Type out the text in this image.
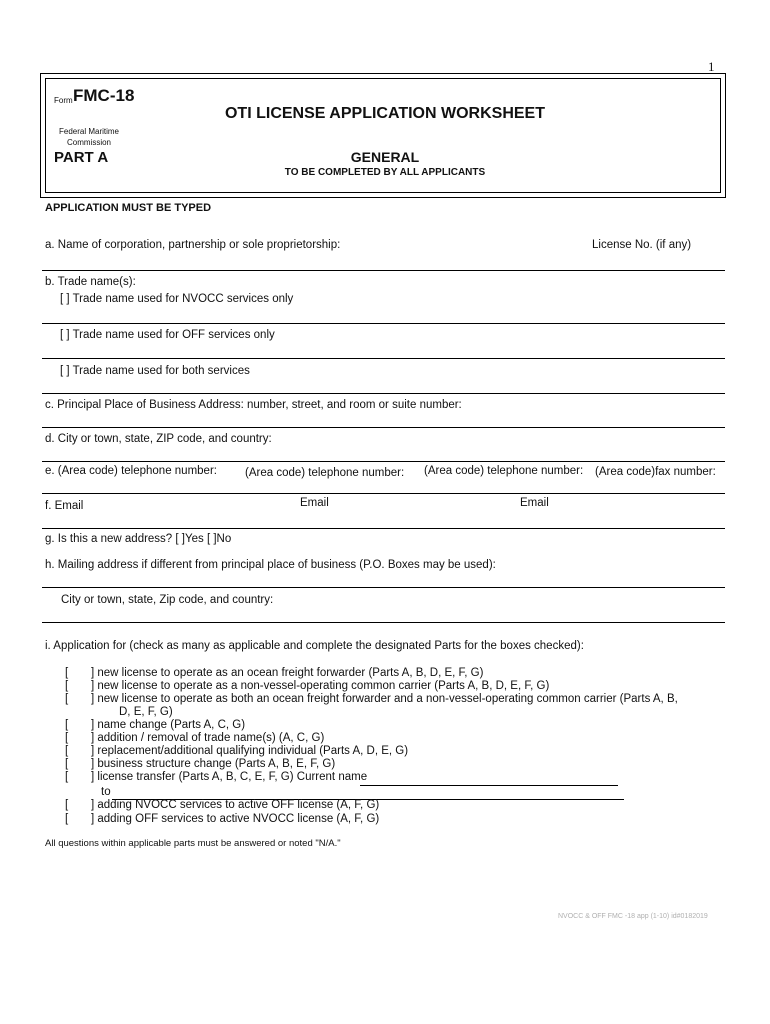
1
Form FMC-18
Federal Maritime
Commission
OTI LICENSE APPLICATION WORKSHEET
PART A	GENERAL
TO BE COMPLETED BY ALL APPLICANTS
APPLICATION MUST BE TYPED
a. Name of corporation, partnership or sole proprietorship:	License No. (if any)
b. Trade name(s):
[ ] Trade name used for NVOCC services only
[ ] Trade name used for OFF services only
[ ] Trade name used for both services
c. Principal Place of Business Address: number, street, and room or suite number:
d. City or town, state, ZIP code, and country:
e. (Area code) telephone number: (Area code) telephone number: (Area code) telephone number: (Area code)fax number:
f. Email	Email	Email
g. Is this a new address? [ ]Yes [ ]No
h. Mailing address if different from principal place of business (P.O. Boxes may be used):
City or town, state, Zip code, and country:
i. Application for (check as many as applicable and complete the designated Parts for the boxes checked):
[ ] new license to operate as an ocean freight forwarder (Parts A, B, D, E, F, G)
[ ] new license to operate as a non-vessel-operating common carrier (Parts A, B, D, E, F, G)
[ ] new license to operate as both an ocean freight forwarder and a non-vessel-operating common carrier (Parts A, B,
D, E, F, G)
[ ] name change (Parts A, C, G)
[ ] addition / removal of trade name(s) (A, C, G)
[ ] replacement/additional qualifying individual (Parts A, D, E, G)
[ ] business structure change (Parts A, B, E, F, G)
[ ] license transfer (Parts A, B, C, E, F, G) Current name
to
[ ] adding NVOCC services to active OFF license (A, F, G)
[ ] adding OFF services to active NVOCC license (A, F, G)
All questions within applicable parts must be answered or noted "N/A."
NVOCC & OFF FMC -18 app (1-10) id#0182019
